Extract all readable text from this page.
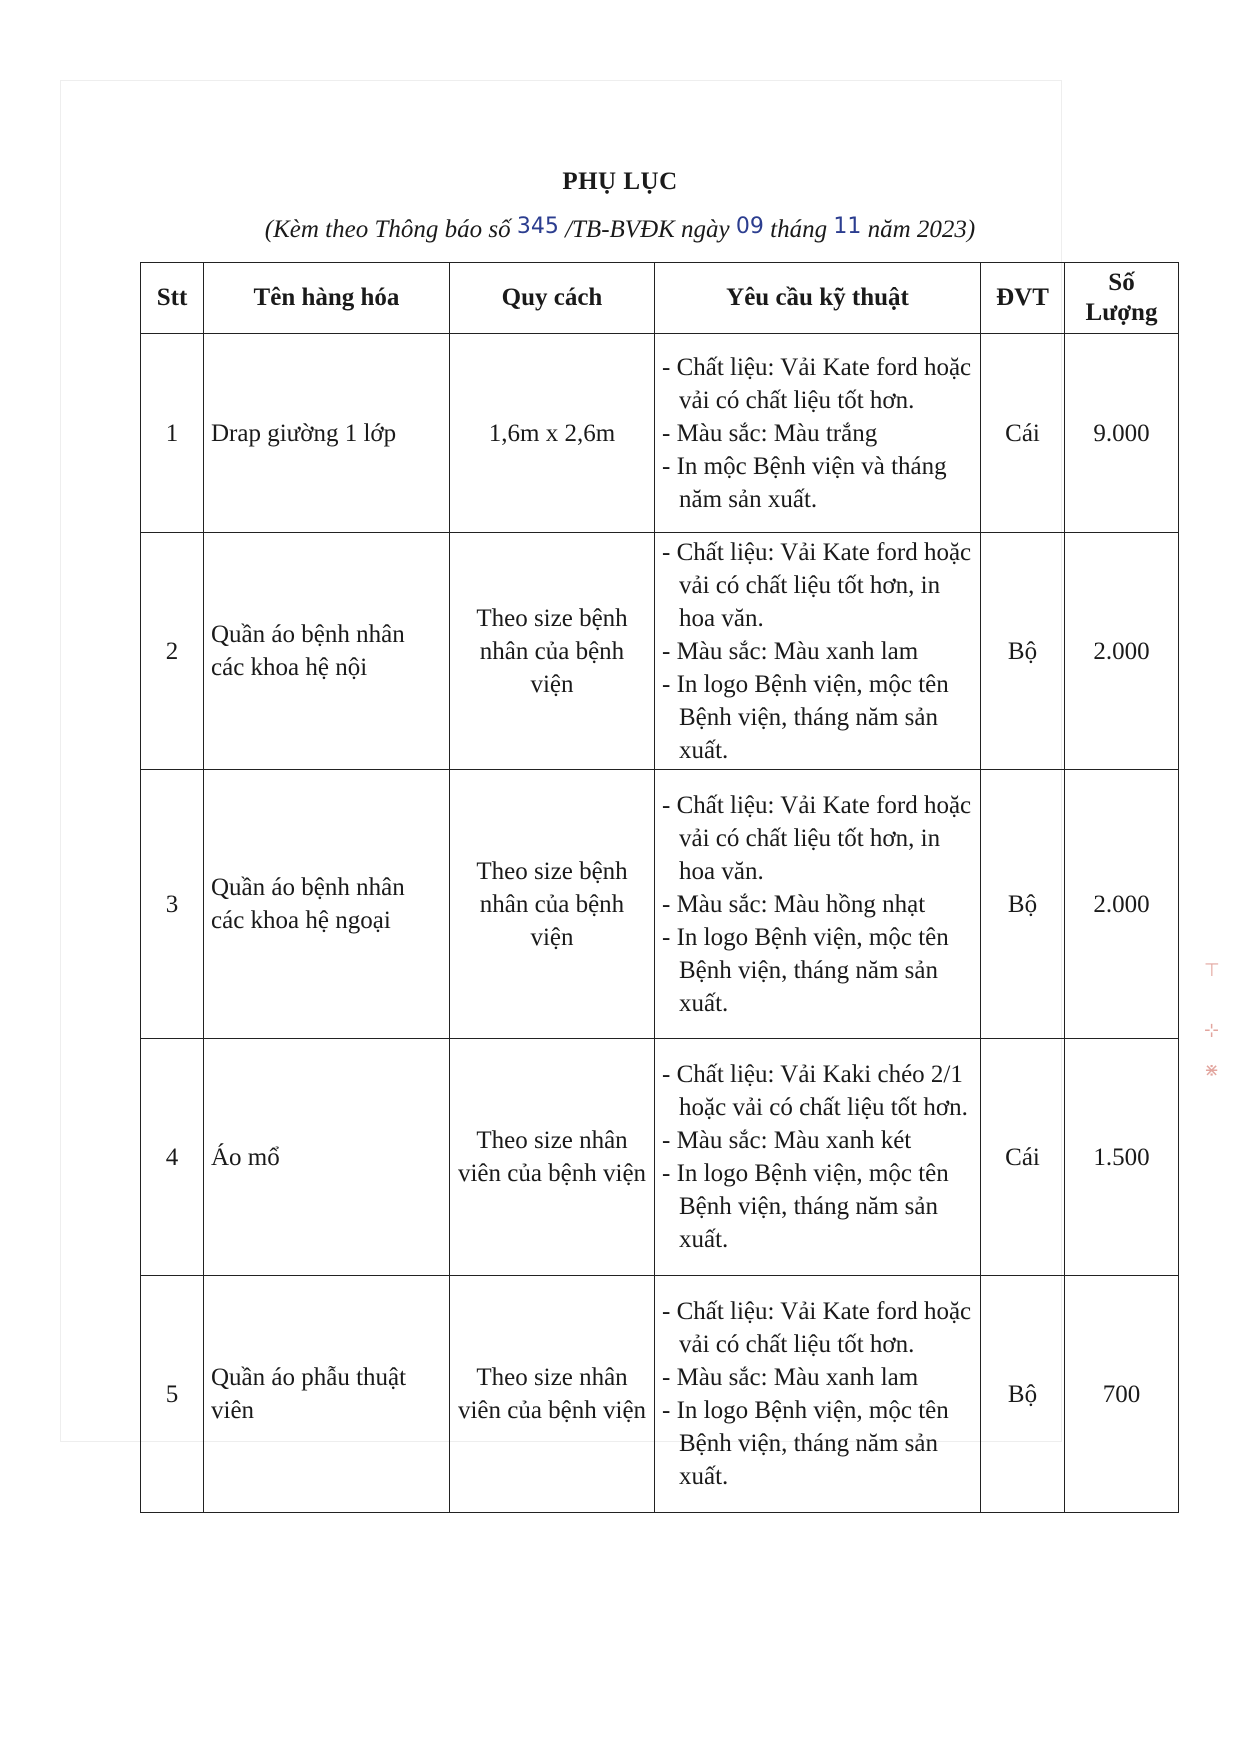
PHỤ LỤC
(Kèm theo Thông báo số 345 /TB-BVĐK ngày 09 tháng 11 năm 2023)
Stt	Tên hàng hóa	Quy cách	Yêu cầu kỹ thuật	ĐVT	Số
Lượng
1	Drap giường 1 lớp	1,6m x 2,6m	- Chất liệu: Vải Kate ford hoặc vải có chất liệu tốt hơn.
- Màu sắc: Màu trắng
- In mộc Bệnh viện và tháng năm sản xuất.	Cái	9.000
2	Quần áo bệnh nhân các khoa hệ nội	Theo size bệnh nhân của bệnh viện	- Chất liệu: Vải Kate ford hoặc vải có chất liệu tốt hơn, in hoa văn.
- Màu sắc: Màu xanh lam
- In logo Bệnh viện, mộc tên Bệnh viện, tháng năm sản xuất.	Bộ	2.000
3	Quần áo bệnh nhân các khoa hệ ngoại	Theo size bệnh nhân của bệnh viện	- Chất liệu: Vải Kate ford hoặc vải có chất liệu tốt hơn, in hoa văn.
- Màu sắc: Màu hồng nhạt
- In logo Bệnh viện, mộc tên Bệnh viện, tháng năm sản xuất.	Bộ	2.000
4	Áo mổ	Theo size nhân viên của bệnh viện	- Chất liệu: Vải Kaki chéo 2/1 hoặc vải có chất liệu tốt hơn.
- Màu sắc: Màu xanh két
- In logo Bệnh viện, mộc tên Bệnh viện, tháng năm sản xuất.	Cái	1.500
5	Quần áo phẫu thuật viên	Theo size nhân viên của bệnh viện	- Chất liệu: Vải Kate ford hoặc vải có chất liệu tốt hơn.
- Màu sắc: Màu xanh lam
- In logo Bệnh viện, mộc tên Bệnh viện, tháng năm sản xuất.	Bộ	700
⊤
⊹
⋇
